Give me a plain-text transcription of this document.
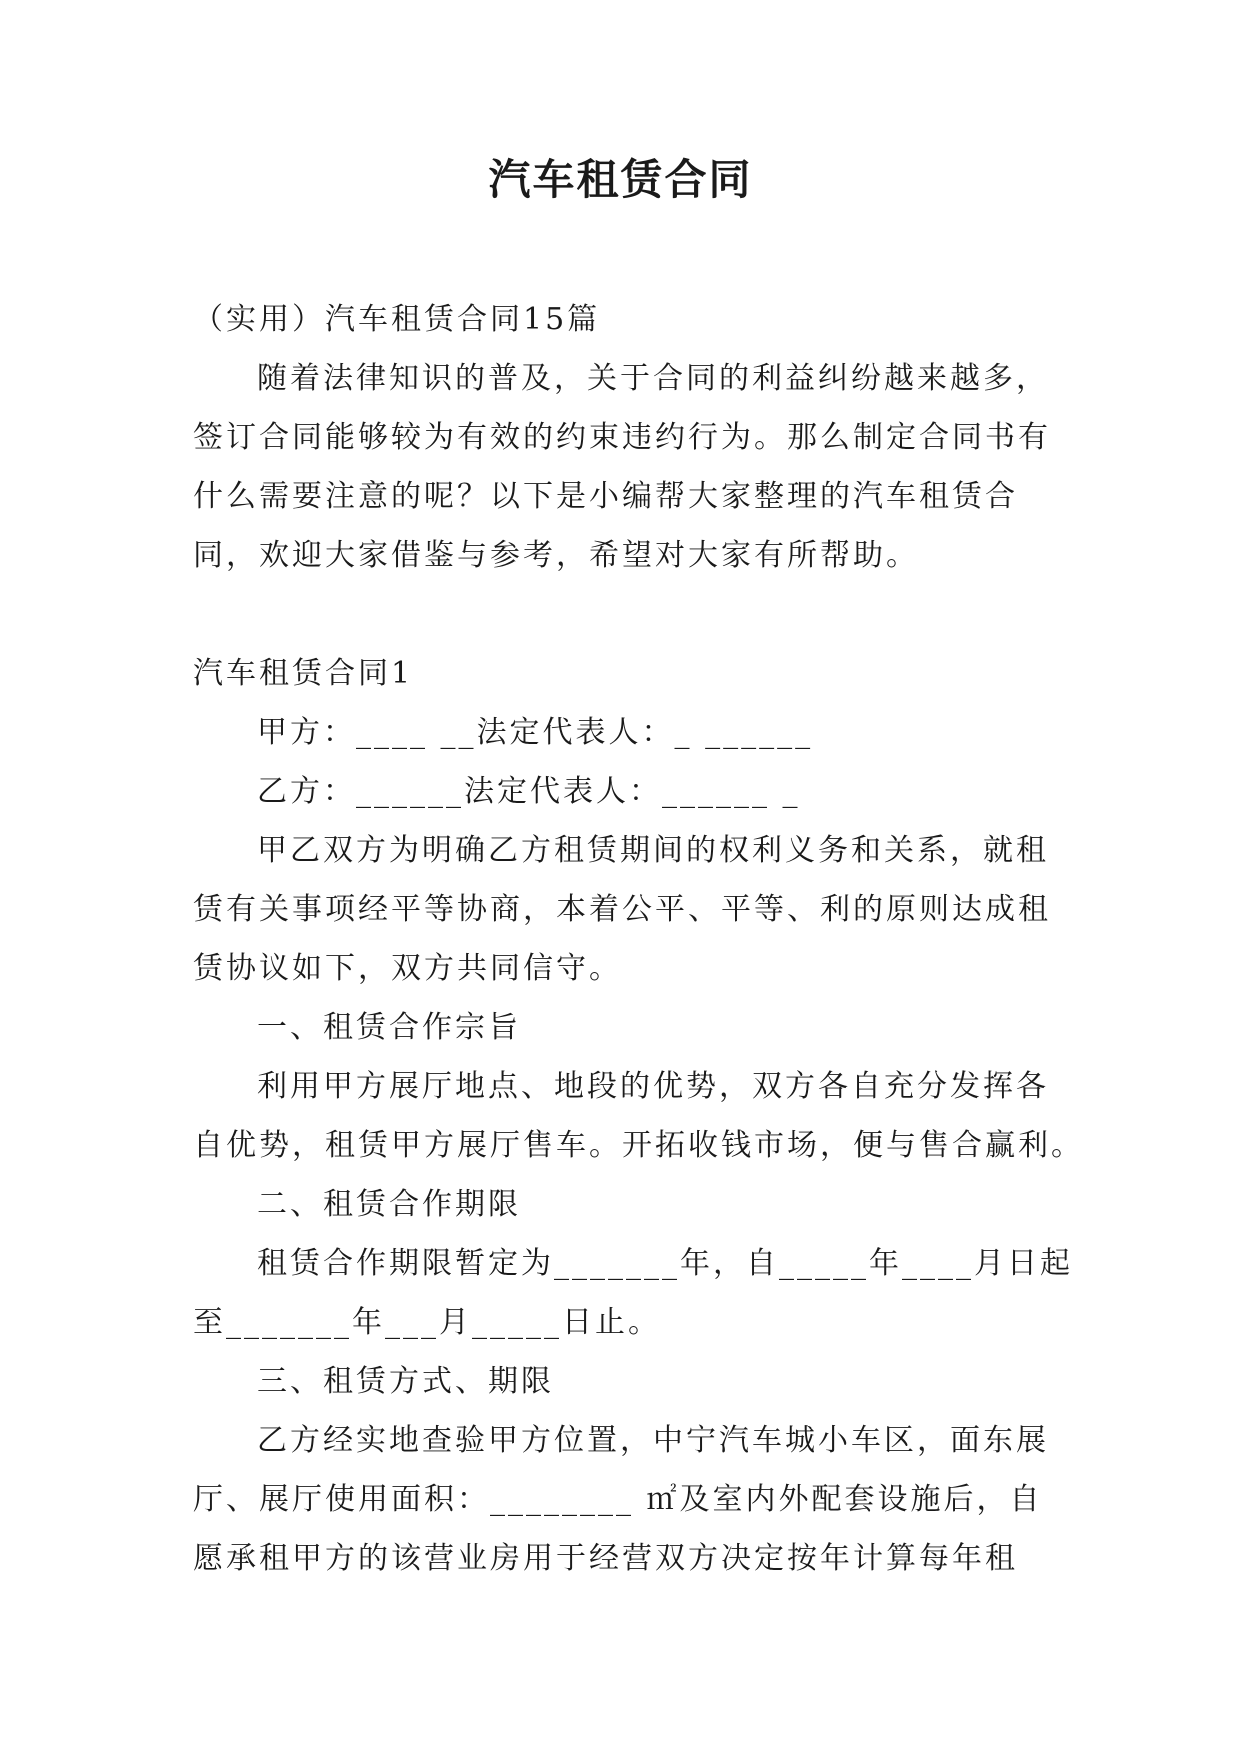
汽车租赁合同
（实用）汽车租赁合同15篇
随着法律知识的普及，关于合同的利益纠纷越来越多，
签订合同能够较为有效的约束违约行为。那么制定合同书有
什么需要注意的呢？以下是小编帮大家整理的汽车租赁合
同，欢迎大家借鉴与参考，希望对大家有所帮助。
汽车租赁合同1
甲方：____ __法定代表人：_ ______
乙方：______法定代表人：______ _
甲乙双方为明确乙方租赁期间的权利义务和关系，就租
赁有关事项经平等协商，本着公平、平等、利的原则达成租
赁协议如下，双方共同信守。
一、租赁合作宗旨
利用甲方展厅地点、地段的优势，双方各自充分发挥各
自优势，租赁甲方展厅售车。开拓收钱市场，便与售合赢利。
二、租赁合作期限
租赁合作期限暂定为_______年，自_____年____月日起
至_______年___月_____日止。
三、租赁方式、期限
乙方经实地查验甲方位置，中宁汽车城小车区，面东展
厅、展厅使用面积：________ ㎡及室内外配套设施后，自
愿承租甲方的该营业房用于经营双方决定按年计算每年租
